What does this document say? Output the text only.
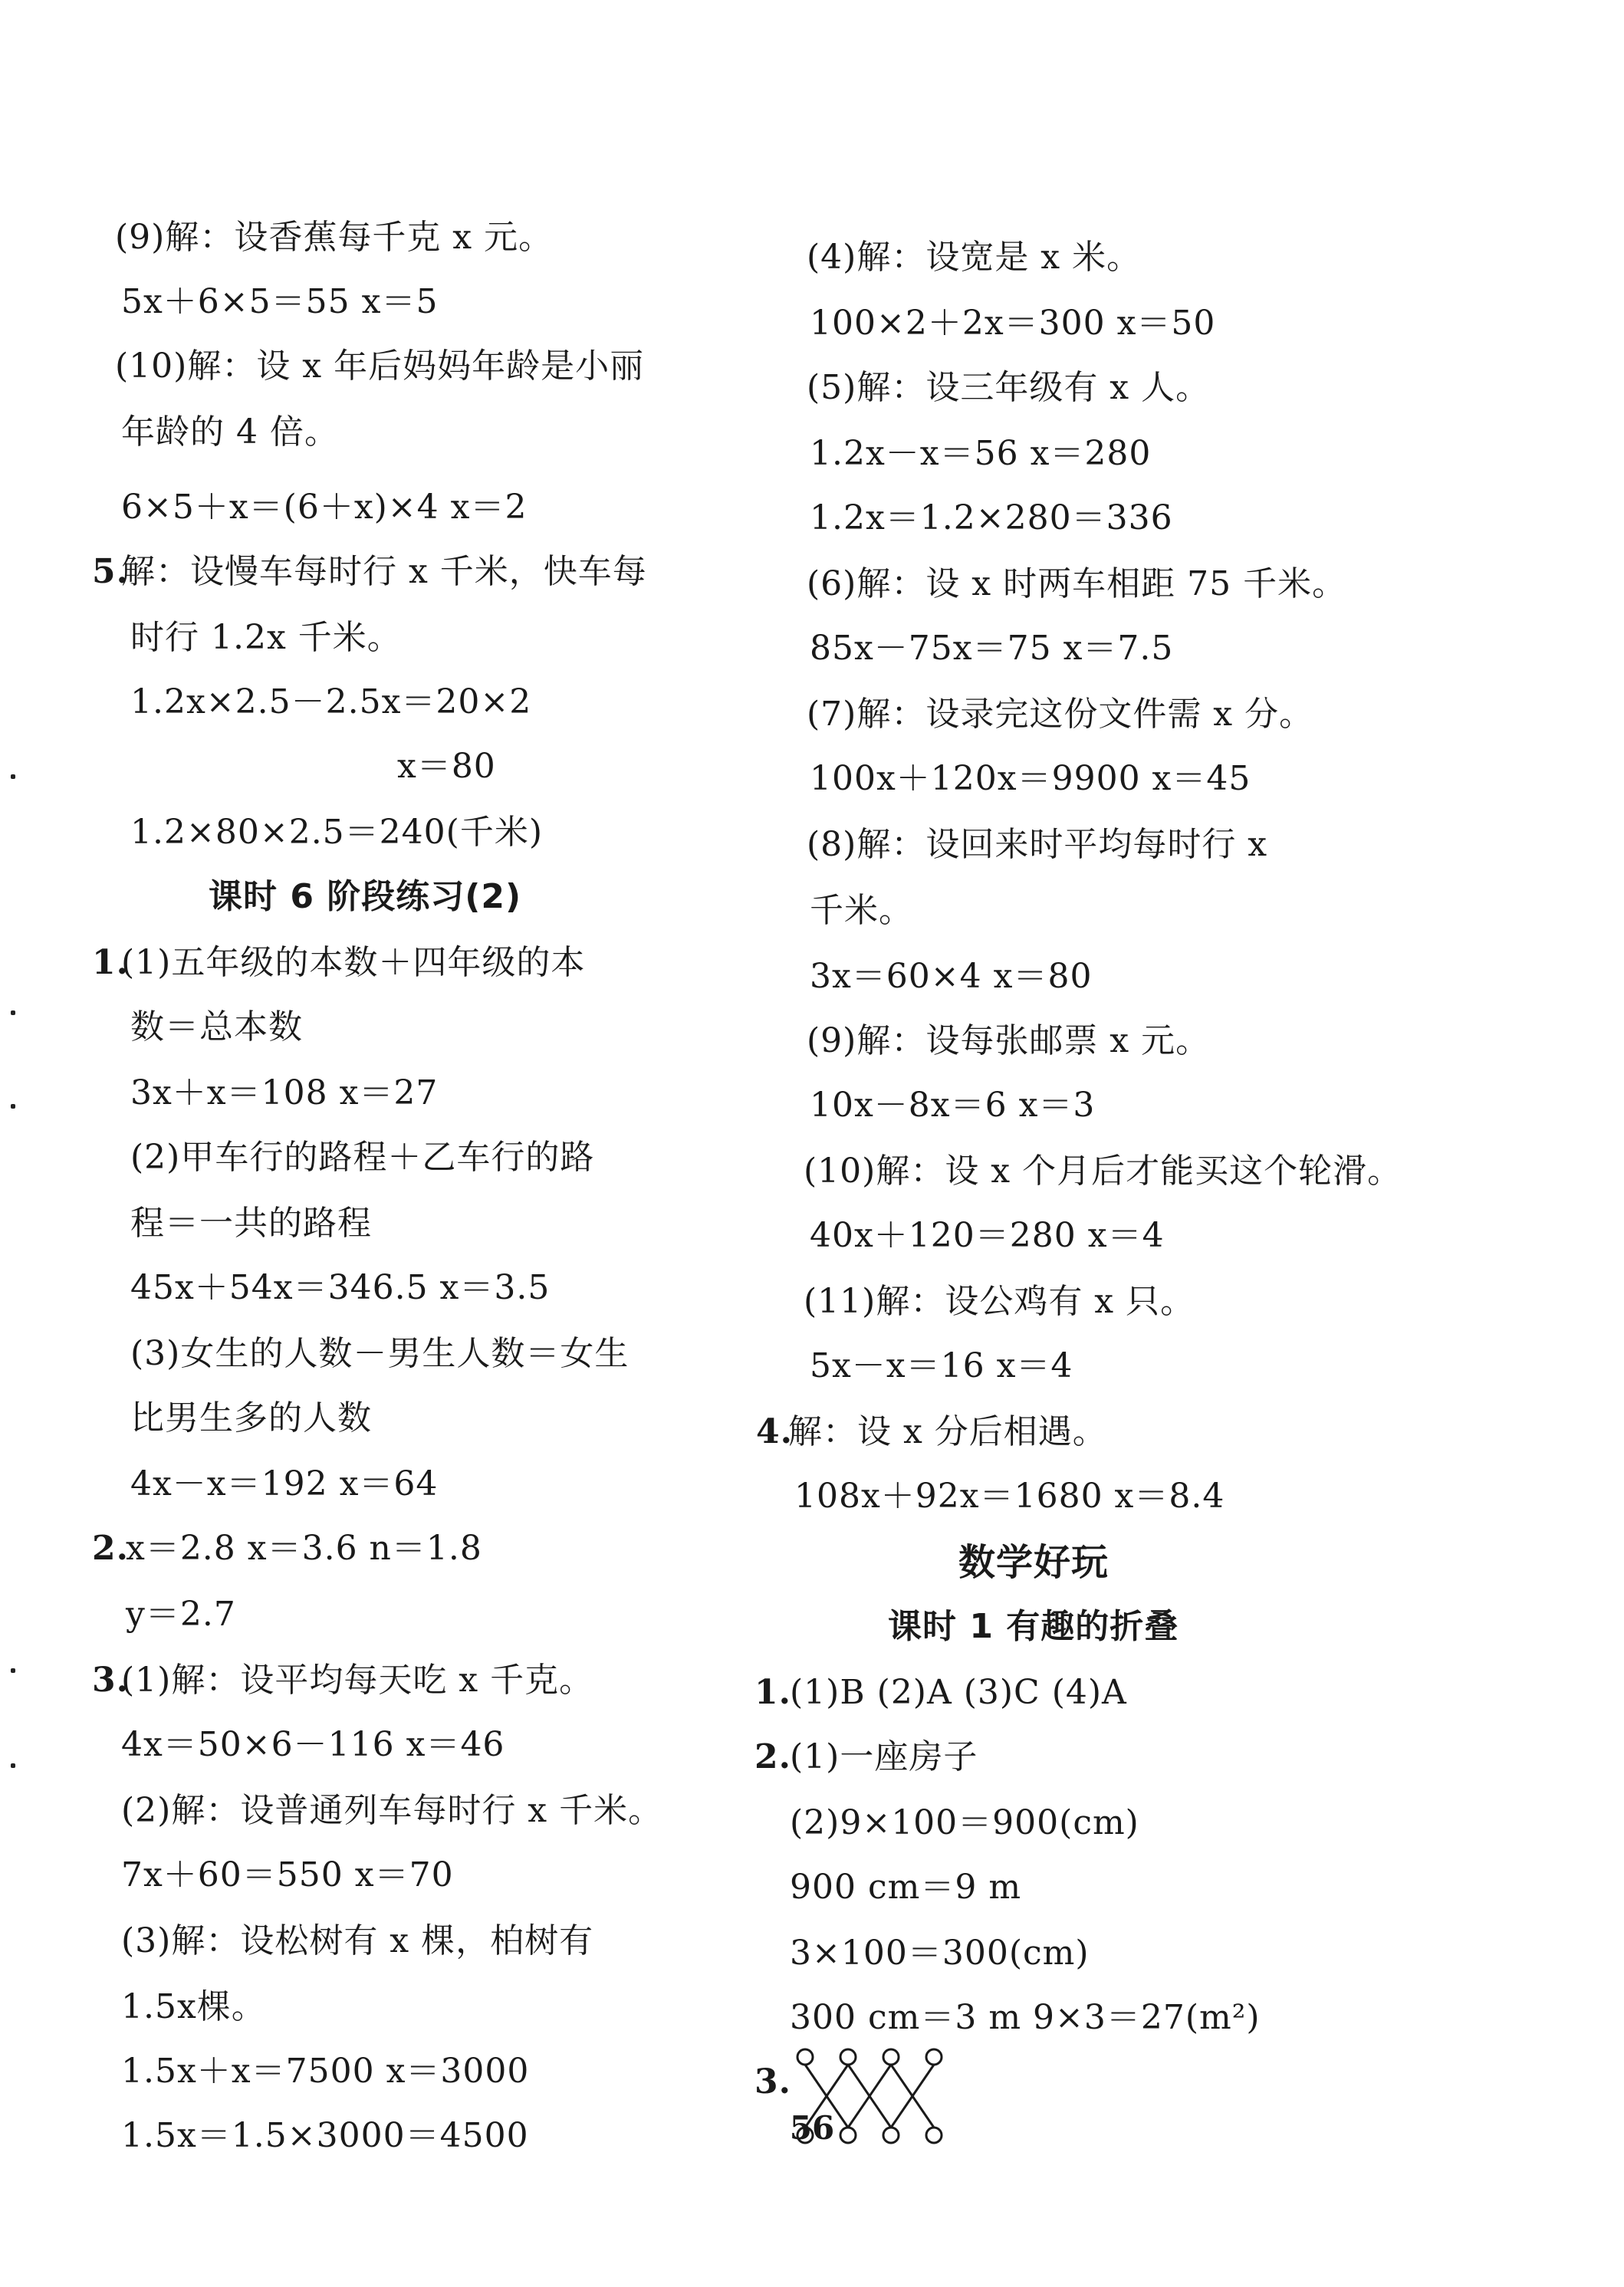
(9)解：设香蕉每千克 x 元。
5x＋6×5＝55 x＝5
(10)解：设 x 年后妈妈年龄是小丽
年龄的 4 倍。
6×5＋x＝(6＋x)×4 x＝2
5.
解：设慢车每时行 x 千米，快车每
时行 1.2x 千米。
1.2x×2.5－2.5x＝20×2
x＝80
1.2×80×2.5＝240(千米)
课时 6 阶段练习(2)
1.
(1)五年级的本数＋四年级的本
数＝总本数
3x＋x＝108 x＝27
(2)甲车行的路程＋乙车行的路
程＝一共的路程
45x＋54x＝346.5 x＝3.5
(3)女生的人数－男生人数＝女生
比男生多的人数
4x－x＝192 x＝64
2.
x＝2.8 x＝3.6 n＝1.8
y＝2.7
3.
(1)解：设平均每天吃 x 千克。
4x＝50×6－116 x＝46
(2)解：设普通列车每时行 x 千米。
7x＋60＝550 x＝70
(3)解：设松树有 x 棵，柏树有
1.5x棵。
1.5x＋x＝7500 x＝3000
1.5x＝1.5×3000＝4500
(4)解：设宽是 x 米。
100×2＋2x＝300 x＝50
(5)解：设三年级有 x 人。
1.2x－x＝56 x＝280
1.2x＝1.2×280＝336
(6)解：设 x 时两车相距 75 千米。
85x－75x＝75 x＝7.5
(7)解：设录完这份文件需 x 分。
100x＋120x＝9900 x＝45
(8)解：设回来时平均每时行 x
千米。
3x＝60×4 x＝80
(9)解：设每张邮票 x 元。
10x－8x＝6 x＝3
(10)解：设 x 个月后才能买这个轮滑。
40x＋120＝280 x＝4
(11)解：设公鸡有 x 只。
5x－x＝16 x＝4
4.
解：设 x 分后相遇。
108x＋92x＝1680 x＝8.4
数学好玩
课时 1 有趣的折叠
1.
(1)B (2)A (3)C (4)A
2.
(1)一座房子
(2)9×100＝900(cm)
900 cm＝9 m
3×100＝300(cm)
300 cm＝3 m 9×3＝27(m²)
3.
56
